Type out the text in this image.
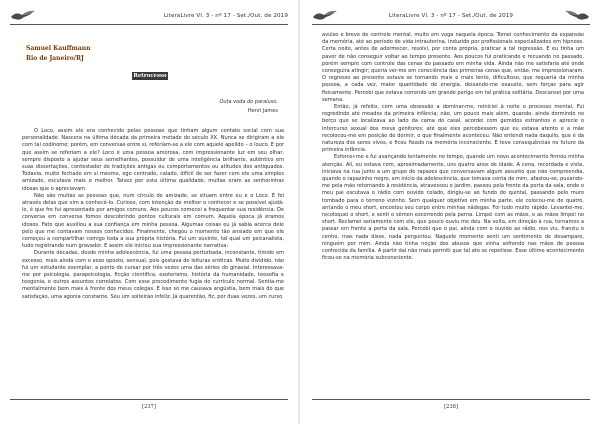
LiteraLivre Vl. 3 - nº 17 - Set./Out. de 2019
Samuel Kauffmann
Rio de Janeiro/RJ
Retrocesso
Outa voda do paraluso.
Henri James

O Loco, assim ele era conhecido pelas pessoas que tinham algum contato social com sua personalidade. Nascera na última década da primeira metade do século XX. Nunca se dirigiram a ele com tal codinome; porém, em conversas entre si, referiam-se a ele com aquele apelido – o louco. E por que assim se referiam a ele? Loco é uma pessoa amorosa, com impressionante luz em seu olhar, sempre disposto a ajudar seus semelhantes, possuidor de uma inteligência brilhante, autêntico em suas dissertações, contestador de tradições antigas ou comportamentos ou atitudes dos antiquados. Todavia, muito fechado em si mesmo, ego centrado, calado, difícil de ser fazer com ele uma simples amizade, escutava mais e melhor. Talvez por esta última qualidade, muitas eram as senhorinhas idosas que o apreciavam.

Não são muitas as pessoas que, num círculo de amizade, se situam entre eu e o Loco. E foi através delas que vim a conhecê-lo. Curioso, com intenção de melhor o conhecer e se possível ajudá-lo, é que fre fui apresentado por amigos comuns. Aos poucos comecei a frequentar sua residência. De conversa em conversa fomos descobrindo pontos culturais em comum. Aquela época já éramos idosos. Fato que auxiliou a sua confiança em minha pessoa. Algumas coisas eu já sabia acerca dele pelo que me contavam nossos conhecidos. Finalmente, chegou o momento tão ansiado em que ele começou a compartilhar comigo toda a sua própria história. Fui um ouvinte, tal qual um psicanalista, tudo registrando num gravador. E assim ele iniciou sua impressionante narrativa:

Durante décadas, desde minha adolescência, fui uma pessoa perturbada, inconstante, tímido em excesso, mais ainda com o sexo oposto, sensual, pois gostava de leituras eróticas. Muito dividido, não fui um estudante exemplar, a ponto de cursar por três vezes uma das séries do ginasial. Interessava-me por psicologia, parapsicologia, ficção científica, esoterismo, história da humanidade, teosofia e teogonia, e outros assuntos correlatos. Com esse procedimento fugia do currículo normal. Sentia-me mentalmente bem mais à frente dos meus colegas. E isso só me causava angústia, bem mais do que satisfação, uma agonia constante. Sou um solteirão infeliz. Já quarentão, fiz, por duas vezes, um curso

[237]
LiteraLivre Vl. 3 - nº 17 - Set./Out. de 2019

avulso e breve de controle mental, muito em voga naquela época. Tomei conhecimento da expansão da memória, até ao período de vida intrauterina, induzido por profissionais especializados em hipnose. Certa noite, antes de adormecer, resolvi, por conta própria, praticar a tal regressão. E eu tinha um pavor de não conseguir voltar ao tempo presente. Aos poucos fui praticando e recuando no passado, porém sempre com controle das cenas do passado em minha vida. Ainda não me satisfaria até onde conseguira atingir; queria ver-me em consciência das primeiras cenas que, então, me impressionaram. O regresso ao presente estava se tornando mais e mais lento, dificultoso, que requeria da minha pessoa, a cada vez, maior quantidade de energia, deixando-me exausto, sem forças para agir fisicamente. Percebi que estava correndo um grande perigo em tal prática solitária. Descansei por uma semana.

Então, já refeito, com uma obsessão a dominar-me, reiniciei à noite o processo mental. Fui regredindo até meados da primeira infância; não, um pouco mais além, quando, ainda dormindo no berço que se localizava ao lado da cama do casal, acordei com gemidos estranhos e aprecie o intercurso sexual dos meus genitores; até que eles percebessem que eu estava atento e a mãe recolocou-me em posição de dormir, o que finalmente aconteceu. Não entendi nada daquilo, que é da natureza dos seres vivos, e ficou fixado na memória inconsciente. E teve consequências no futuro da primeira infância.

Esforcei-me e fui avançando lentamente no tempo, quando um novo acontecimento firmou minha atenção. Ali, eu estava com, aproximadamente, uns quatro anos de idade. A cena, recordada e vista, iniciava na rua junto a um grupo de rapazes que conversavam algum assunto que não compreendia, quando o rapazinho negro, em início da adolescência, que tomava conta de mim, afastou-se, puxando-me pela mão retornando à residência, atravessou o jardim, passou pela frente da porta da sala, onde o meu pai escutava o rádio com ouvido colado, dirigiu-se ao fundo do quintal, passando pelo muro tombado para o terreno vizinho. Sem qualquer objetivo em minha parte, ele colocou-me de quatro, arriando o meu short, encostou seu corpo entre minhas nádegas. Foi tudo muito rápido. Levantei-me, recoloquei o short, e senti o sêmen escorrendo pela perna. Limpei com as mãos, e as mãos limpei no short. Reclamei seriamente com ele, que pouco ouviu me deu. Na volta, em direção à rua, tornamos a passar em frente a porta da sala. Percebi que o pai, ainda com o ouvido ao rádio, nos viu, franziu o cenho, mas nada disse, nada perguntou. Naquele momento senti um sentimento de desamparo, ninguém por mim. Ainda não tinha noção dos abusos que vinha sofrendo nas mãos de pessoa conhecida da família. A partir daí não mais permiti que tal ato se repetisse. Esse último acontecimento ficou-se na memória subconsciente.

[238]
